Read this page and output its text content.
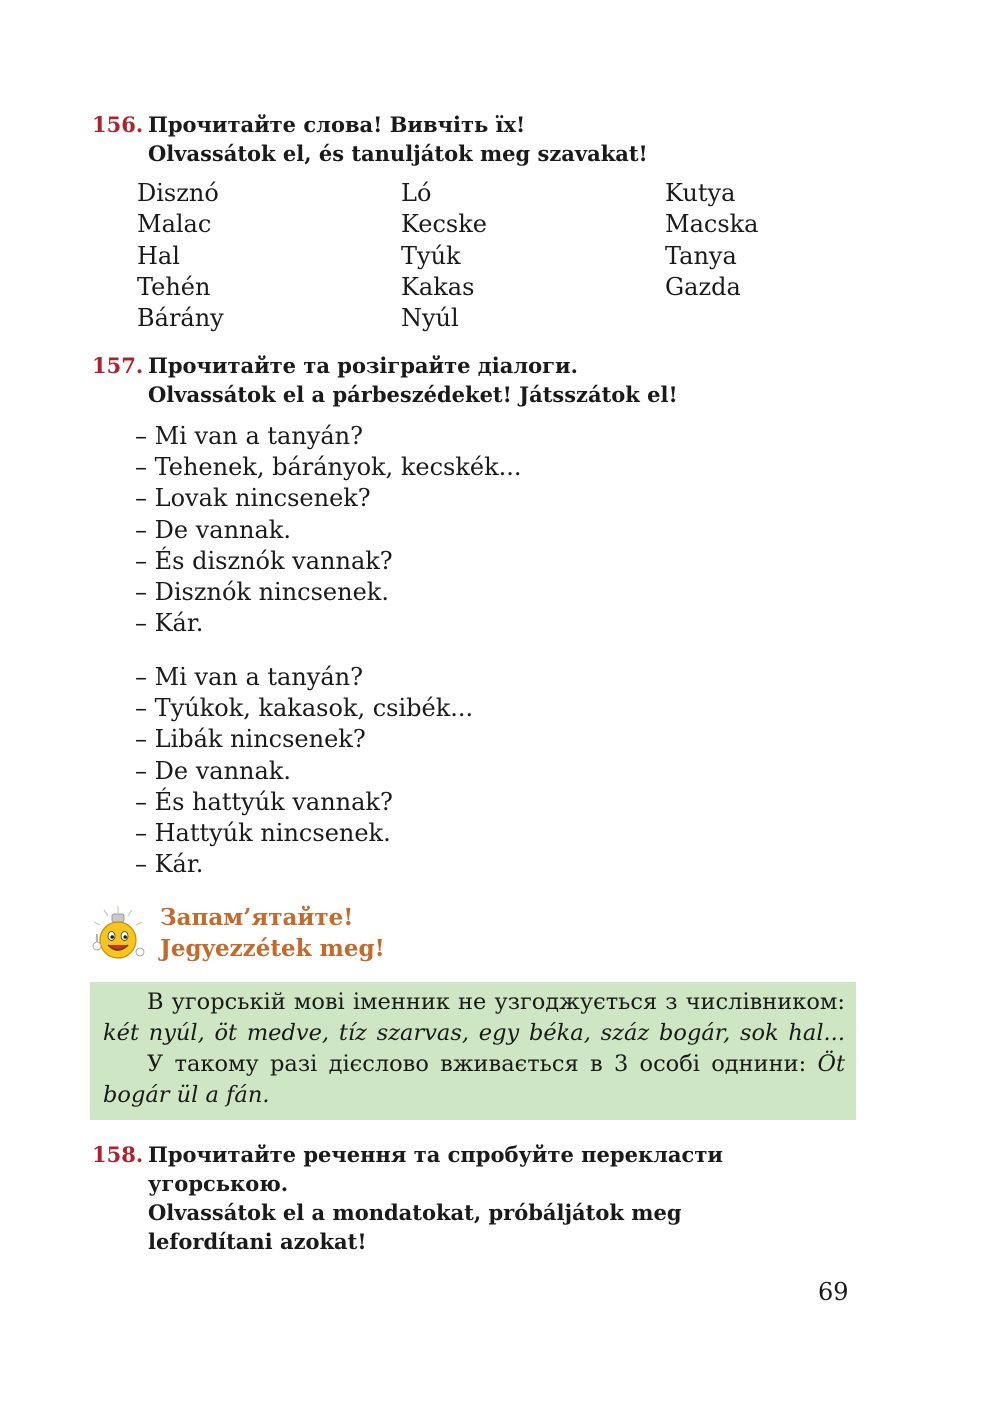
156. Прочитайте слова! Вивчіть їх!
Olvassátok el, és tanuljátok meg szavakat!
Disznó
Malac
Hal
Tehén
Bárány
Ló
Kecske
Tyúk
Kakas
Nyúl
Kutya
Macska
Tanya
Gazda
157. Прочитайте та розіграйте діалоги.
Olvassátok el a párbeszédeket! Játsszátok el!
– Mi van a tanyán?
– Tehenek, bárányok, kecskék...
– Lovak nincsenek?
– De vannak.
– És disznók vannak?
– Disznók nincsenek.
– Kár.
– Mi van a tanyán?
– Tyúkok, kakasok, csibék...
– Libák nincsenek?
– De vannak.
– És hattyúk vannak?
– Hattyúk nincsenek.
– Kár.
Запам’ятайте!
Jegyezzétek meg!
В угорській мові іменник не узгоджується з числівником:
két nyúl, öt medve, tíz szarvas, egy béka, száz bogár, sok hal...
У такому разі дієслово вживається в 3 особі однини: Öt
bogár ül a fán.
158. Прочитайте речення та спробуйте перекласти
угорською.
Olvassátok el a mondatokat, próbáljátok meg
lefordítani azokat!
69
